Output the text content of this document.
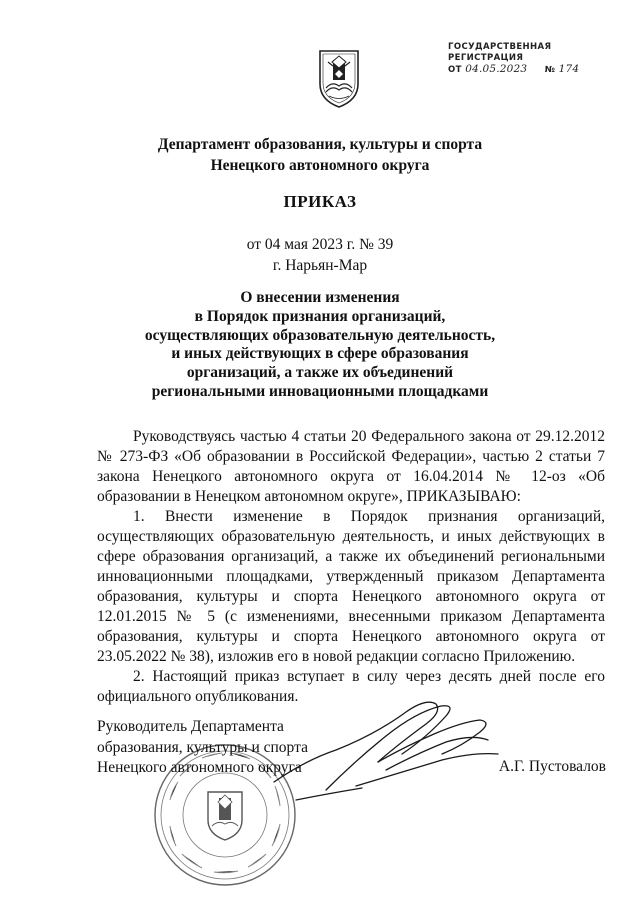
ГОСУДАРСТВЕННАЯ
РЕГИСТРАЦИЯ
ОТ 04.05.2023 № 174
Департамент образования, культуры и спорта
Ненецкого автономного округа
ПРИКАЗ
от 04 мая 2023 г. № 39
г. Нарьян-Мар
О внесении изменения
в Порядок признания организаций,
осуществляющих образовательную деятельность,
и иных действующих в сфере образования
организаций, а также их объединений
региональными инновационными площадками

Руководствуясь частью 4 статьи 20 Федерального закона от 29.12.2012 № 273-ФЗ «Об образовании в Российской Федерации», частью 2 статьи 7 закона Ненецкого автономного округа от 16.04.2014 № 12-оз «Об образовании в Ненецком автономном округе», ПРИКАЗЫВАЮ:

1. Внести изменение в Порядок признания организаций, осуществляющих образовательную деятельность, и иных действующих в сфере образования организаций, а также их объединений региональными инновационными площадками, утвержденный приказом Департамента образования, культуры и спорта Ненецкого автономного округа от 12.01.2015 № 5 (с изменениями, внесенными приказом Департамента образования, культуры и спорта Ненецкого автономного округа от 23.05.2022 № 38), изложив его в новой редакции согласно Приложению.

2. Настоящий приказ вступает в силу через десять дней после его официального опубликования.

Руководитель Департамента
образования, культуры и спорта
Ненецкого автономного округа	А.Г. Пустовалов
